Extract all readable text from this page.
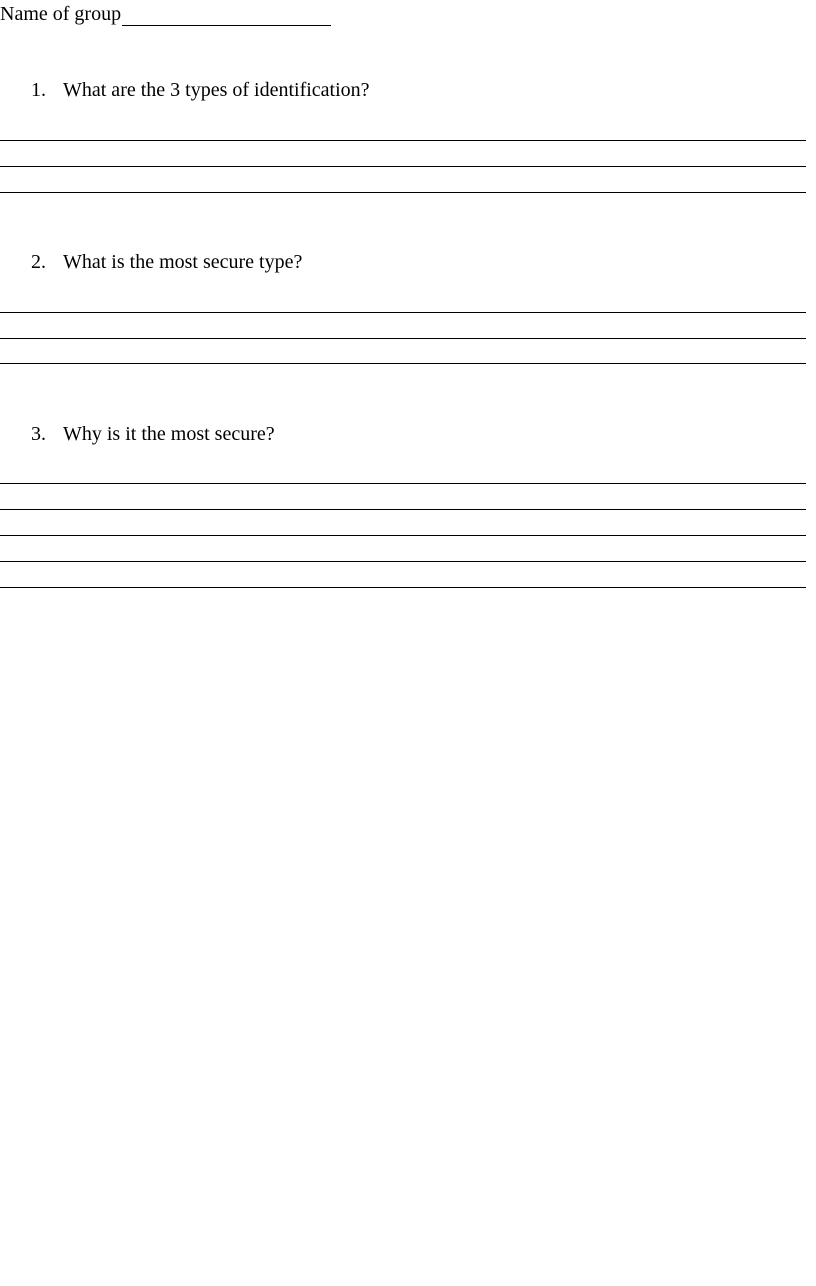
Name of group
1. What are the 3 types of identification?
2. What is the most secure type?
3. Why is it the most secure?
